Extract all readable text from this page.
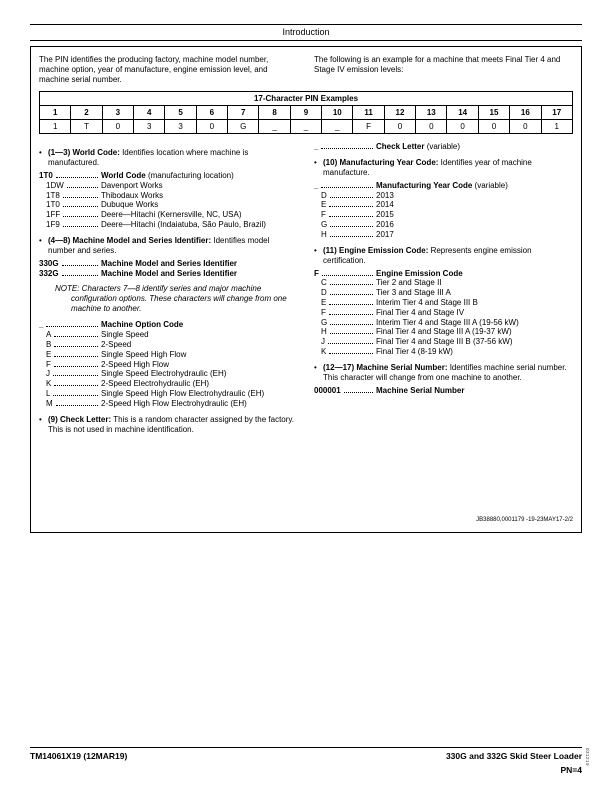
Introduction
The PIN identifies the producing factory, machine model number, machine option, year of manufacture, engine emission level, and machine serial number.
The following is an example for a machine that meets Final Tier 4 and Stage IV emission levels:
17-Character PIN Examples																
1	2	3	4	5	6	7	8	9	10	11	12	13	14	15	16	17
1	T	0	3	3	0	G	_	_	_	F	0	0	0	0	0	1
• (1—3) World Code: Identifies location where machine is manufactured.
1T0	World Code (manufacturing location)
1DW	Davenport Works
1T8	Thibodaux Works
1T0	Dubuque Works
1FF	Deere—Hitachi (Kernersville, NC, USA)
1F9	Deere—Hitachi (Indaiatuba, São Paulo, Brazil)
• (4—8) Machine Model and Series Identifier: Identifies model number and series.
330G	Machine Model and Series Identifier
332G	Machine Model and Series Identifier
NOTE: Characters 7—8 identify series and major machine configuration options. These characters will change from one machine to another.
_	Machine Option Code
A	Single Speed
B	2-Speed
E	Single Speed High Flow
F	2-Speed High Flow
J	Single Speed Electrohydraulic (EH)
K	2-Speed Electrohydraulic (EH)
L	Single Speed High Flow Electrohydraulic (EH)
M	2-Speed High Flow Electrohydraulic (EH)
• (9) Check Letter: This is a random character assigned by the factory. This is not used in machine identification.
_	Check Letter (variable)
• (10) Manufacturing Year Code: Identifies year of machine manufacture.
_	Manufacturing Year Code (variable)
D	2013
E	2014
F	2015
G	2016
H	2017
• (11) Engine Emission Code: Represents engine emission certification.
F	Engine Emission Code
C	Tier 2 and Stage II
D	Tier 3 and Stage III A
E	Interim Tier 4 and Stage III B
F	Final Tier 4 and Stage IV
G	Interim Tier 4 and Stage III A (19-56 kW)
H	Final Tier 4 and Stage III A (19-37 kW)
J	Final Tier 4 and Stage III B (37-56 kW)
K	Final Tier 4 (8-19 kW)
• (12—17) Machine Serial Number: Identifies machine serial number. This character will change from one machine to another.
000001	Machine Serial Number
JB38880,0001179 -19-23MAY17-2/2
TM14061X19 (12MAR19)	330G and 332G Skid Steer Loader
PN=4
031219
